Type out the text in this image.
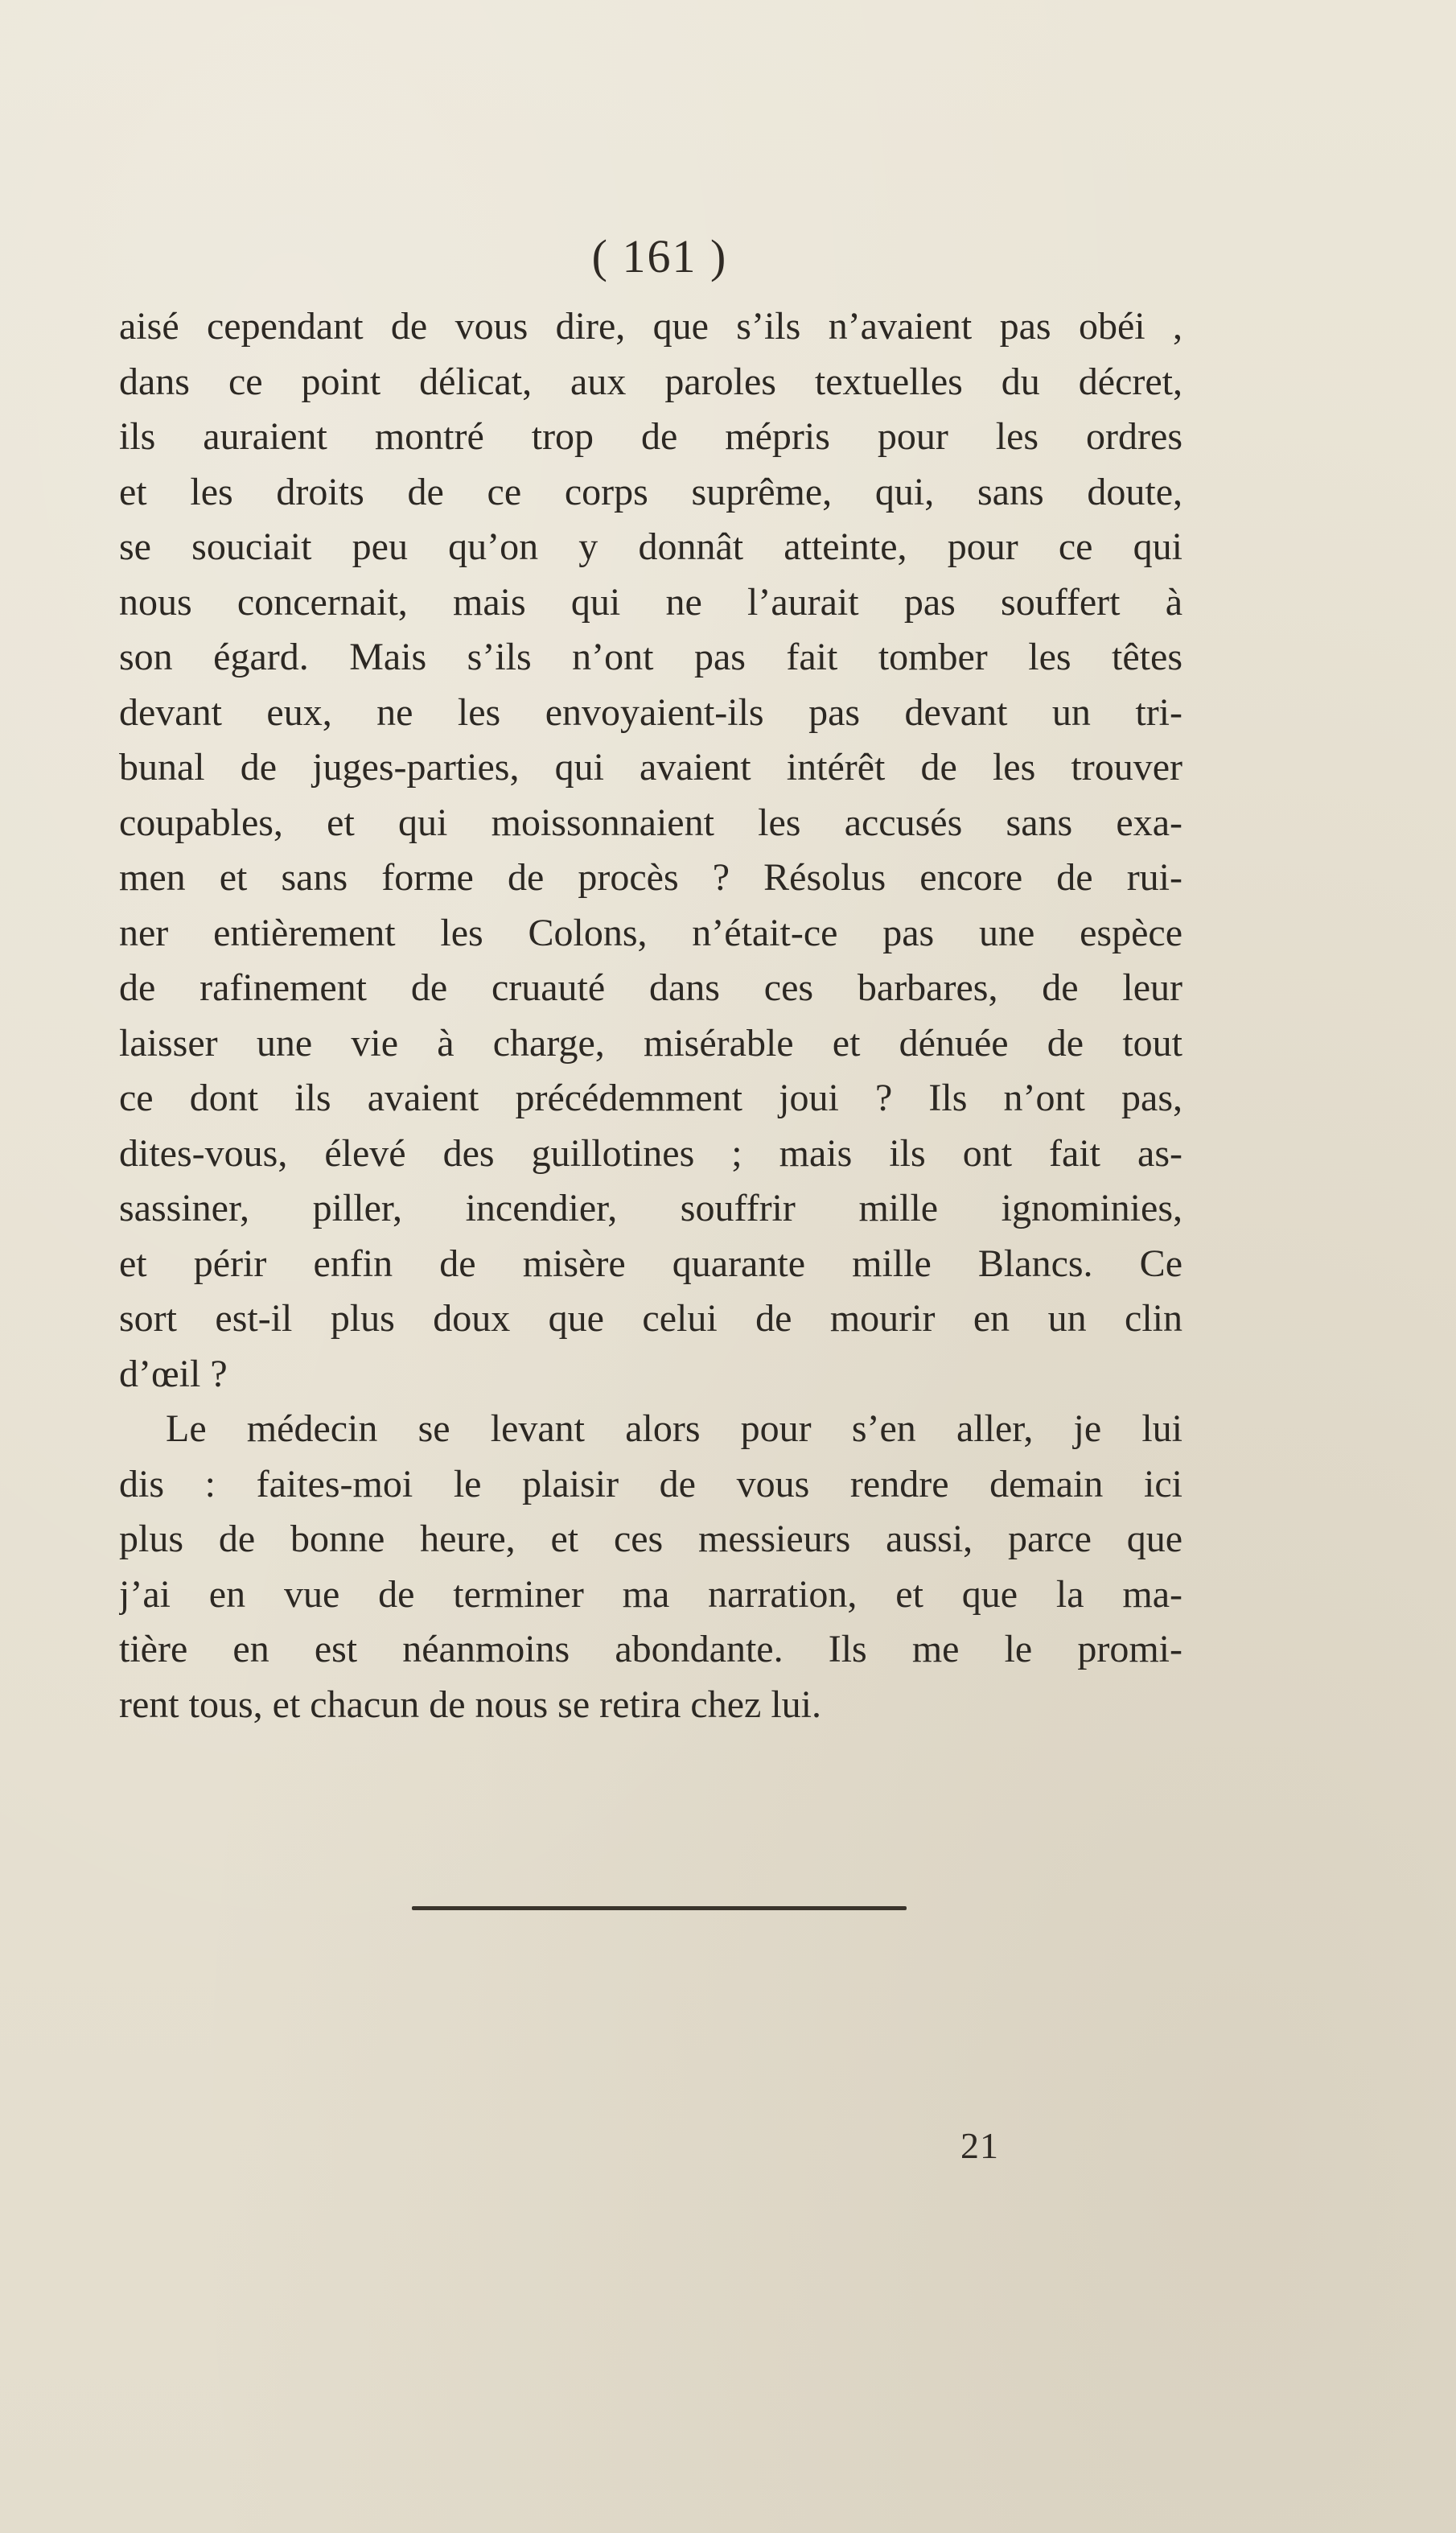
( 161 )
aisé cependant de vous dire, que s’ils n’avaient pas obéi ,
dans ce point délicat, aux paroles textuelles du décret,
ils auraient montré trop de mépris pour les ordres
et les droits de ce corps suprême, qui, sans doute,
se souciait peu qu’on y donnât atteinte, pour ce qui
nous concernait, mais qui ne l’aurait pas souffert à
son égard. Mais s’ils n’ont pas fait tomber les têtes
devant eux, ne les envoyaient-ils pas devant un tri-
bunal de juges-parties, qui avaient intérêt de les trouver
coupables, et qui moissonnaient les accusés sans exa-
men et sans forme de procès ? Résolus encore de rui-
ner entièrement les Colons, n’était-ce pas une espèce
de rafinement de cruauté dans ces barbares, de leur
laisser une vie à charge, misérable et dénuée de tout
ce dont ils avaient précédemment joui ? Ils n’ont pas,
dites-vous, élevé des guillotines ; mais ils ont fait as-
sassiner, piller, incendier, souffrir mille ignominies,
et périr enfin de misère quarante mille Blancs. Ce
sort est-il plus doux que celui de mourir en un clin
d’œil ?
Le médecin se levant alors pour s’en aller, je lui
dis : faites-moi le plaisir de vous rendre demain ici
plus de bonne heure, et ces messieurs aussi, parce que
j’ai en vue de terminer ma narration, et que la ma-
tière en est néanmoins abondante. Ils me le promi-
rent tous, et chacun de nous se retira chez lui.
21
